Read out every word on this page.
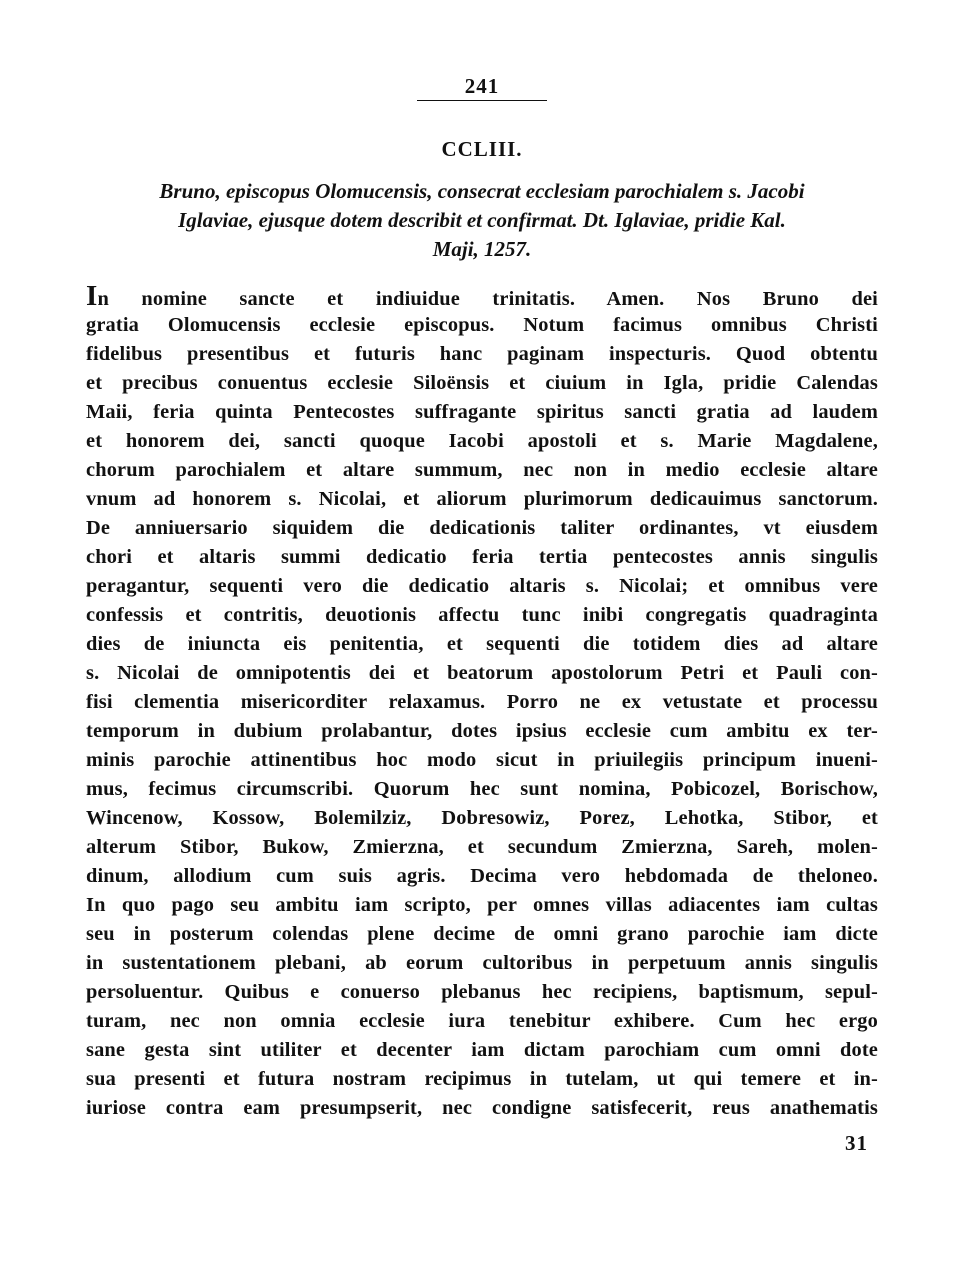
241
CCLIII.
Bruno, episcopus Olomucensis, consecrat ecclesiam parochialem s. Jacobi
Iglaviae, ejusque dotem describit et confirmat. Dt. Iglaviae, pridie Kal.
Maji, 1257.
In nomine sancte et indiuidue trinitatis. Amen. Nos Bruno dei
gratia Olomucensis ecclesie episcopus. Notum facimus omnibus Christi
fidelibus presentibus et futuris hanc paginam inspecturis. Quod obtentu
et precibus conuentus ecclesie Siloënsis et ciuium in Igla, pridie Calendas
Maii, feria quinta Pentecostes suffragante spiritus sancti gratia ad laudem
et honorem dei, sancti quoque Iacobi apostoli et s. Marie Magdalene,
chorum parochialem et altare summum, nec non in medio ecclesie altare
vnum ad honorem s. Nicolai, et aliorum plurimorum dedicauimus sanctorum.
De anniuersario siquidem die dedicationis taliter ordinantes, vt eiusdem
chori et altaris summi dedicatio feria tertia pentecostes annis singulis
peragantur, sequenti vero die dedicatio altaris s. Nicolai; et omnibus vere
confessis et contritis, deuotionis affectu tunc inibi congregatis quadraginta
dies de iniuncta eis penitentia, et sequenti die totidem dies ad altare
s. Nicolai de omnipotentis dei et beatorum apostolorum Petri et Pauli con-
fisi clementia misericorditer relaxamus. Porro ne ex vetustate et processu
temporum in dubium prolabantur, dotes ipsius ecclesie cum ambitu ex ter-
minis parochie attinentibus hoc modo sicut in priuilegiis principum inueni-
mus, fecimus circumscribi. Quorum hec sunt nomina, Pobicozel, Borischow,
Wincenow, Kossow, Bolemilziz, Dobresowiz, Porez, Lehotka, Stibor, et
alterum Stibor, Bukow, Zmierzna, et secundum Zmierzna, Sareh, molen-
dinum, allodium cum suis agris. Decima vero hebdomada de theloneo.
In quo pago seu ambitu iam scripto, per omnes villas adiacentes iam cultas
seu in posterum colendas plene decime de omni grano parochie iam dicte
in sustentationem plebani, ab eorum cultoribus in perpetuum annis singulis
persoluentur. Quibus e conuerso plebanus hec recipiens, baptismum, sepul-
turam, nec non omnia ecclesie iura tenebitur exhibere. Cum hec ergo
sane gesta sint utiliter et decenter iam dictam parochiam cum omni dote
sua presenti et futura nostram recipimus in tutelam, ut qui temere et in-
iuriose contra eam presumpserit, nec condigne satisfecerit, reus anathematis
31
